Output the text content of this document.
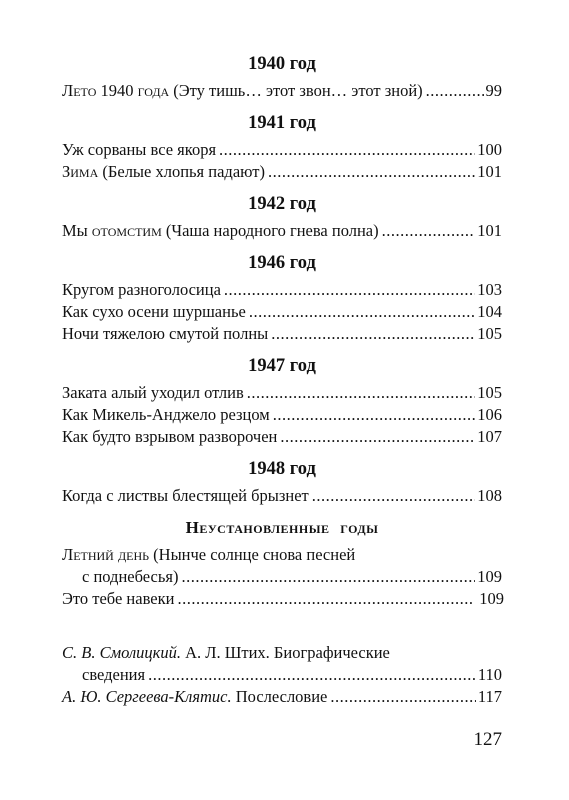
1940 год
Лето 1940 года (Эту тишь… этот звон… этот зной) .....	99
1941 год
Уж сорваны все якоря .....	100
Зима (Белые хлопья падают) .....	101
1942 год
Мы отомстим (Чаша народного гнева полна) .....	101
1946 год
Кругом разноголосица .....	103
Как сухо осени шуршанье .....	104
Ночи тяжелою смутой полны .....	105
1947 год
Заката алый уходил отлив .....	105
Как Микель-Анджело резцом .....	106
Как будто взрывом разворочен .....	107
1948 год
Когда с листвы блестящей брызнет .....	108
Неустановленные годы
Летний день (Нынче солнце снова песней
с поднебесья) .....	109
Это тебе навеки .....	109
С. В. Смолицкий. А. Л. Штих. Биографические
сведения .....	110
А. Ю. Сергеева-Клятис. Послесловие .....	117
127
